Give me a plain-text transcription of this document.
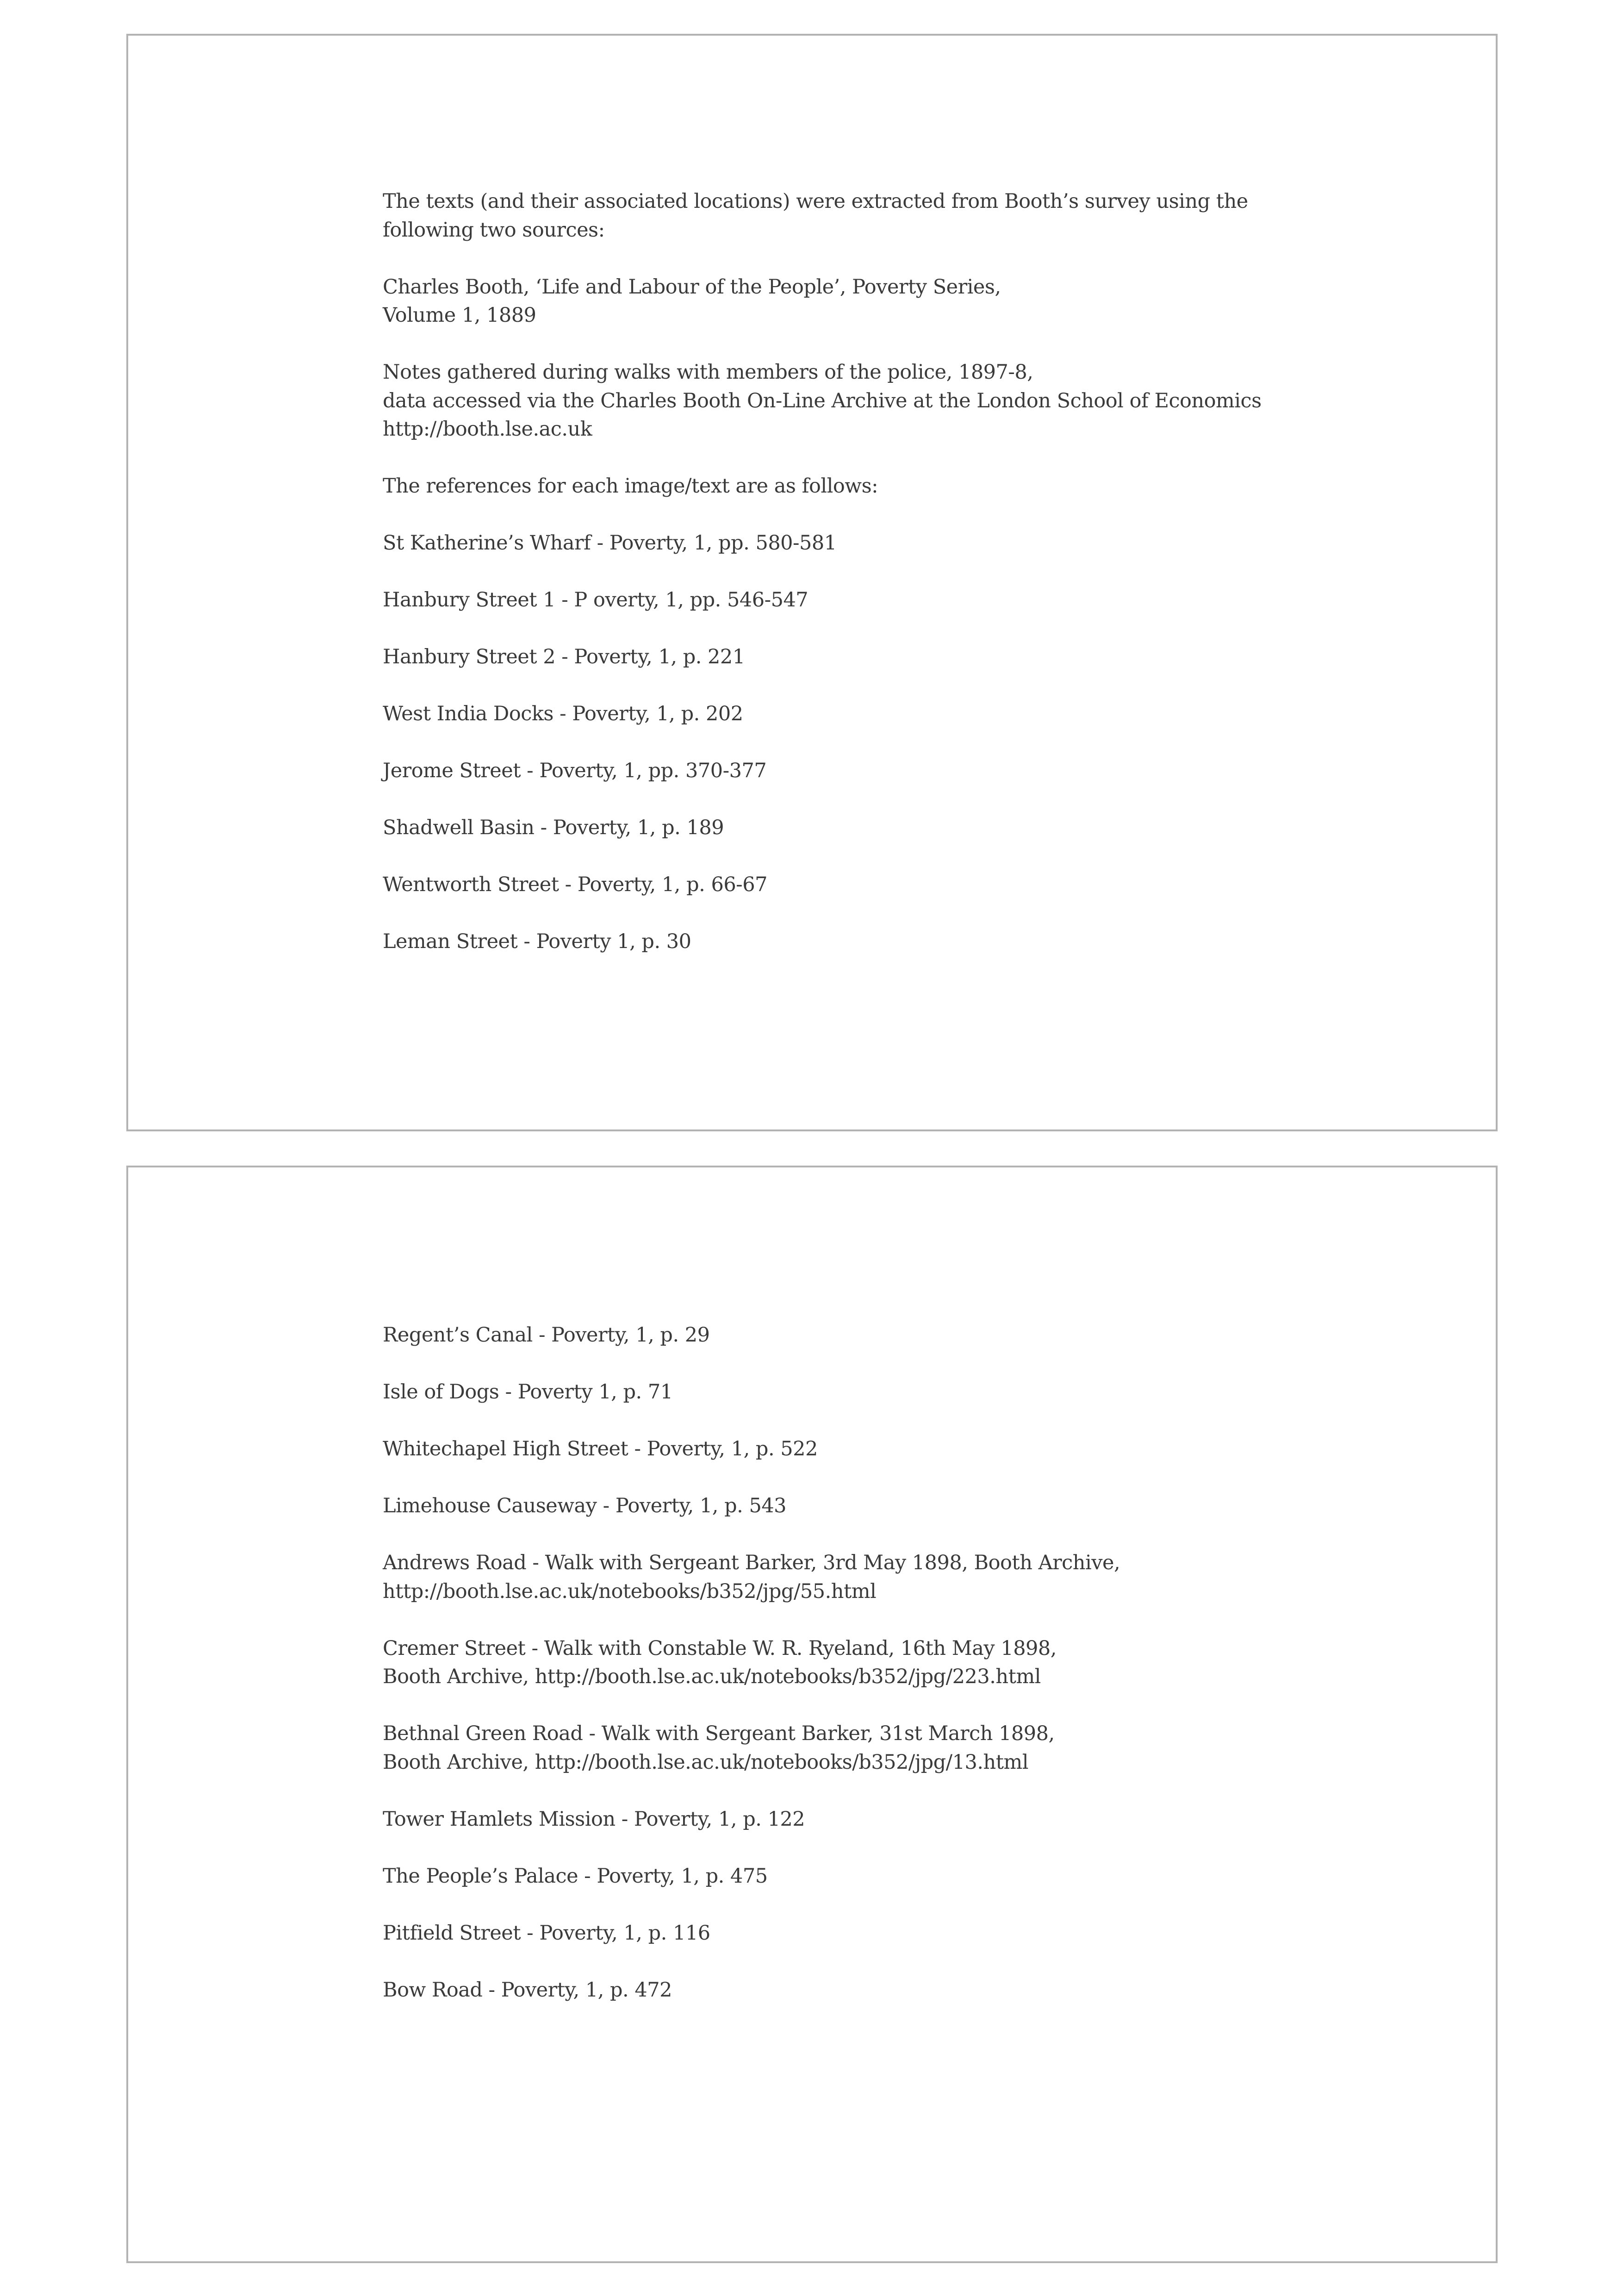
The texts (and their associated locations) were extracted from Booth’s survey using the following two sources:

Charles Booth, ‘Life and Labour of the People’, Poverty Series,
Volume 1, 1889

Notes gathered during walks with members of the police, 1897-8,
data accessed via the Charles Booth On-Line Archive at the London School of Economics
http://booth.lse.ac.uk

The references for each image/text are as follows:

St Katherine’s Wharf - Poverty, 1, pp. 580-581

Hanbury Street 1 - P overty, 1, pp. 546-547

Hanbury Street 2 - Poverty, 1, p. 221

West India Docks - Poverty, 1, p. 202

Jerome Street - Poverty, 1, pp. 370-377

Shadwell Basin - Poverty, 1, p. 189

Wentworth Street - Poverty, 1, p. 66-67

Leman Street - Poverty 1, p. 30

Regent’s Canal - Poverty, 1, p. 29

Isle of Dogs - Poverty 1, p. 71

Whitechapel High Street - Poverty, 1, p. 522

Limehouse Causeway - Poverty, 1, p. 543

Andrews Road - Walk with Sergeant Barker, 3rd May 1898, Booth Archive,
http://booth.lse.ac.uk/notebooks/b352/jpg/55.html

Cremer Street - Walk with Constable W. R. Ryeland, 16th May 1898,
Booth Archive, http://booth.lse.ac.uk/notebooks/b352/jpg/223.html

Bethnal Green Road - Walk with Sergeant Barker, 31st March 1898,
Booth Archive, http://booth.lse.ac.uk/notebooks/b352/jpg/13.html

Tower Hamlets Mission - Poverty, 1, p. 122

The People’s Palace - Poverty, 1, p. 475

Pitfield Street - Poverty, 1, p. 116

Bow Road - Poverty, 1, p. 472
